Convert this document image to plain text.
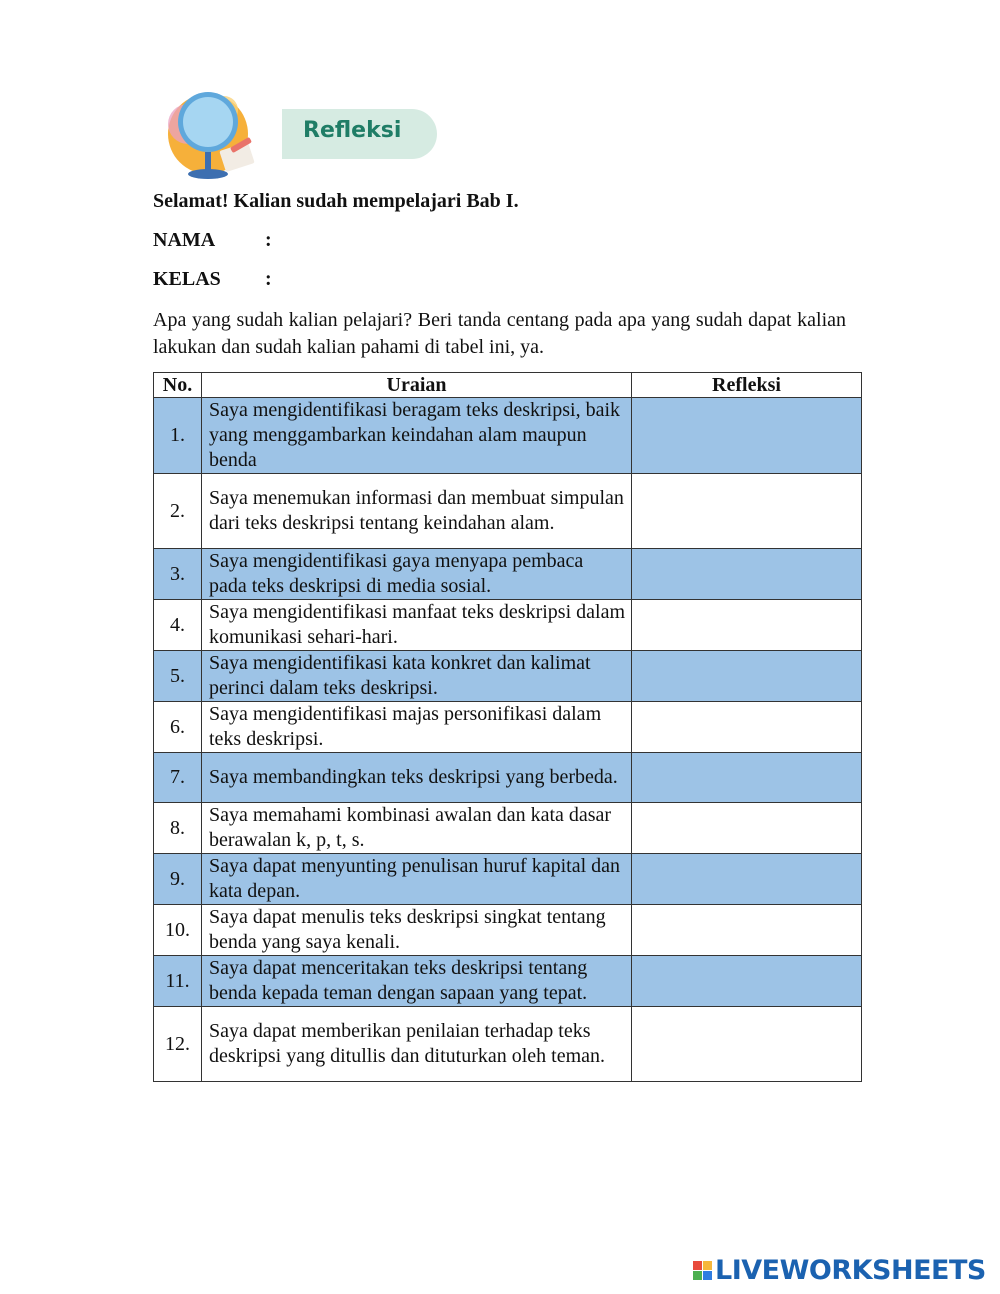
Refleksi
Selamat! Kalian sudah mempelajari Bab I.
NAMA :
KELAS :
Apa yang sudah kalian pelajari? Beri tanda centang pada apa yang sudah dapat kalian lakukan dan sudah kalian pahami di tabel ini, ya.
No.	Uraian	Refleksi
1.	Saya mengidentifikasi beragam teks deskripsi, baik yang menggambarkan keindahan alam maupun benda	
2.	Saya menemukan informasi dan membuat simpulan dari teks deskripsi tentang keindahan alam.	
3.	Saya mengidentifikasi gaya menyapa pembaca pada teks deskripsi di media sosial.	
4.	Saya mengidentifikasi manfaat teks deskripsi dalam komunikasi sehari-hari.	
5.	Saya mengidentifikasi kata konkret dan kalimat perinci dalam teks deskripsi.	
6.	Saya mengidentifikasi majas personifikasi dalam teks deskripsi.	
7.	Saya membandingkan teks deskripsi yang berbeda.	
8.	Saya memahami kombinasi awalan dan kata dasar berawalan k, p, t, s.	
9.	Saya dapat menyunting penulisan huruf kapital dan kata depan.	
10.	Saya dapat menulis teks deskripsi singkat tentang benda yang saya kenali.	
11.	Saya dapat menceritakan teks deskripsi tentang benda kepada teman dengan sapaan yang tepat.	
12.	Saya dapat memberikan penilaian terhadap teks deskripsi yang ditullis dan dituturkan oleh teman.	
LIVEWORKSHEETS
